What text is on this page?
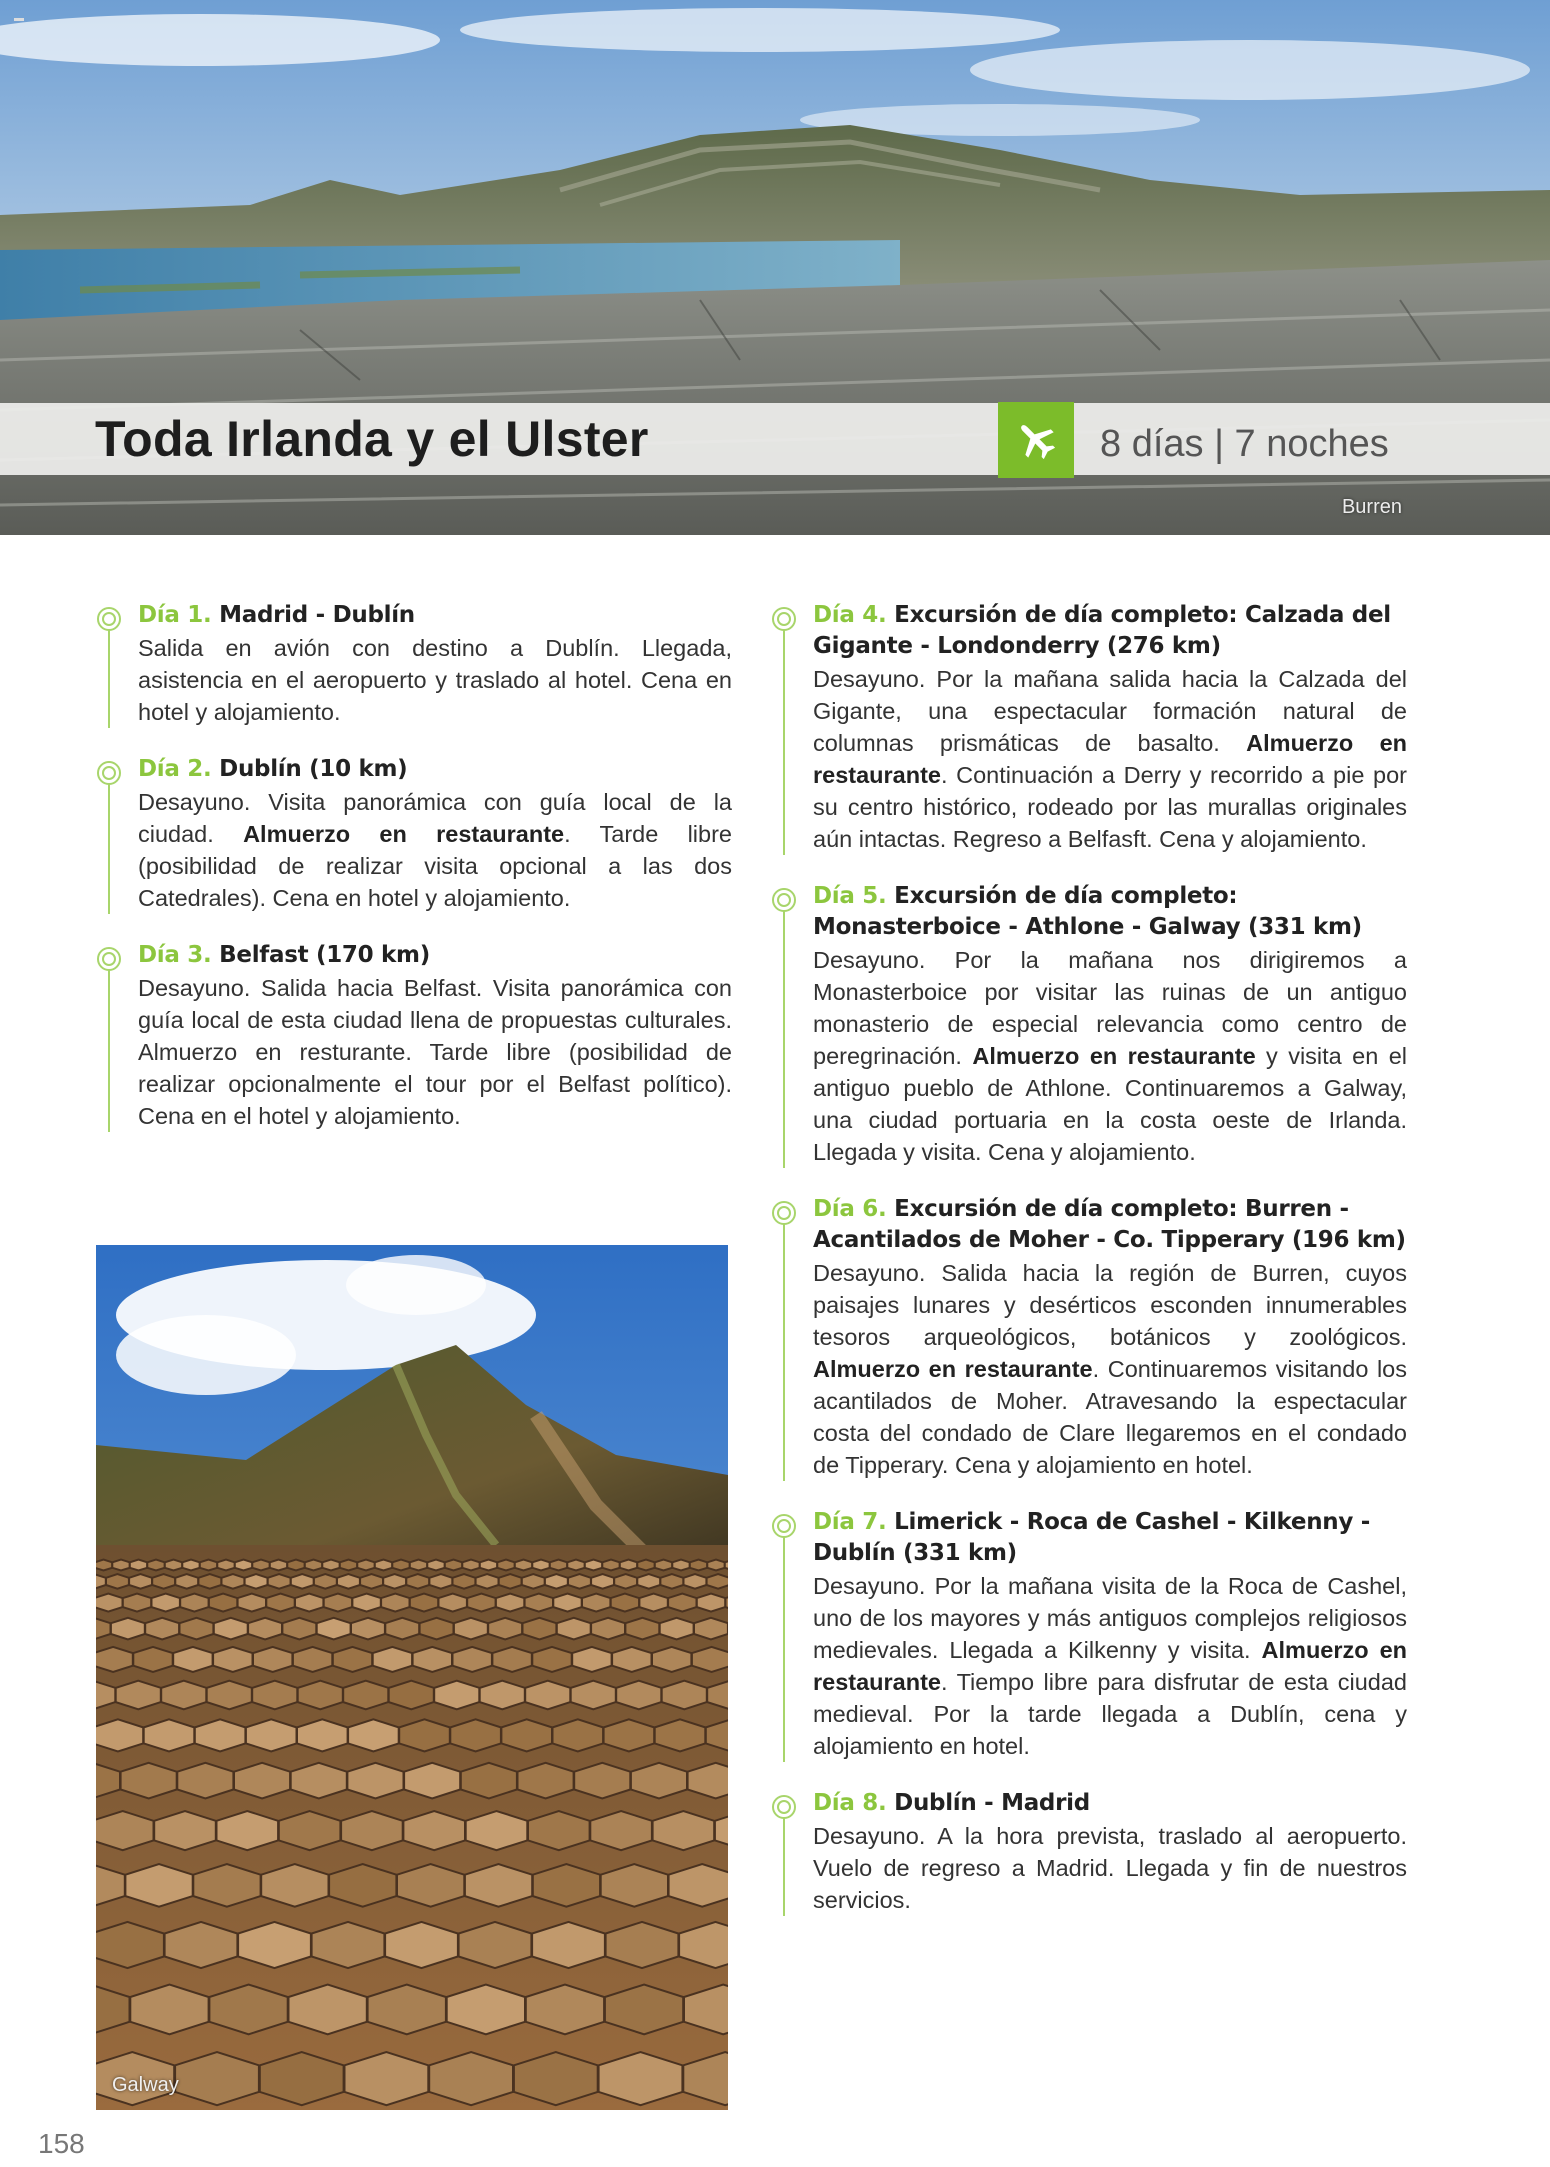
Toda Irlanda y el Ulster	8 días | 7 noches
Burren
Día 1. Madrid - Dublín
Salida en avión con destino a Dublín. Llegada, asistencia en el aeropuerto y traslado al hotel. Cena en hotel y alojamiento.
Día 2. Dublín (10 km)
Desayuno. Visita panorámica con guía local de la ciudad. Almuerzo en restaurante. Tarde libre (posibilidad de realizar visita opcional a las dos Catedrales). Cena en hotel y alojamiento.
Día 3. Belfast (170 km)
Desayuno. Salida hacia Belfast. Visita panorámica con guía local de esta ciudad llena de propuestas culturales. Almuerzo en resturante. Tarde libre (posibilidad de realizar opcionalmente el tour por el Belfast político). Cena en el hotel y alojamiento.
Día 4. Excursión de día completo: Calzada del Gigante - Londonderry (276 km)
Desayuno. Por la mañana salida hacia la Calzada del Gigante, una espectacular formación natural de columnas prismáticas de basalto. Almuerzo en restaurante. Continuación a Derry y recorrido a pie por su centro histórico, rodeado por las murallas originales aún intactas. Regreso a Belfasft. Cena y alojamiento.
Día 5. Excursión de día completo: Monasterboice - Athlone - Galway (331 km)
Desayuno. Por la mañana nos dirigiremos a Monasterboice por visitar las ruinas de un antiguo monasterio de especial relevancia como centro de peregrinación. Almuerzo en restaurante y visita en el antiguo pueblo de Athlone. Continuaremos a Galway, una ciudad portuaria en la costa oeste de Irlanda. Llegada y visita. Cena y alojamiento.
Día 6. Excursión de día completo: Burren - Acantilados de Moher - Co. Tipperary (196 km)
Desayuno. Salida hacia la región de Burren, cuyos paisajes lunares y desérticos esconden innumerables tesoros arqueológicos, botánicos y zoológicos. Almuerzo en restaurante. Continuaremos visitando los acantilados de Moher. Atravesando la espectacular costa del condado de Clare llegaremos en el condado de Tipperary. Cena y alojamiento en hotel.
Día 7. Limerick - Roca de Cashel - Kilkenny - Dublín (331 km)
Desayuno. Por la mañana visita de la Roca de Cashel, uno de los mayores y más antiguos complejos religiosos medievales. Llegada a Kilkenny y visita. Almuerzo en restaurante. Tiempo libre para disfrutar de esta ciudad medieval. Por la tarde llegada a Dublín, cena y alojamiento en hotel.
Día 8. Dublín - Madrid
Desayuno. A la hora prevista, traslado al aeropuerto. Vuelo de regreso a Madrid. Llegada y fin de nuestros servicios.
Galway
158
